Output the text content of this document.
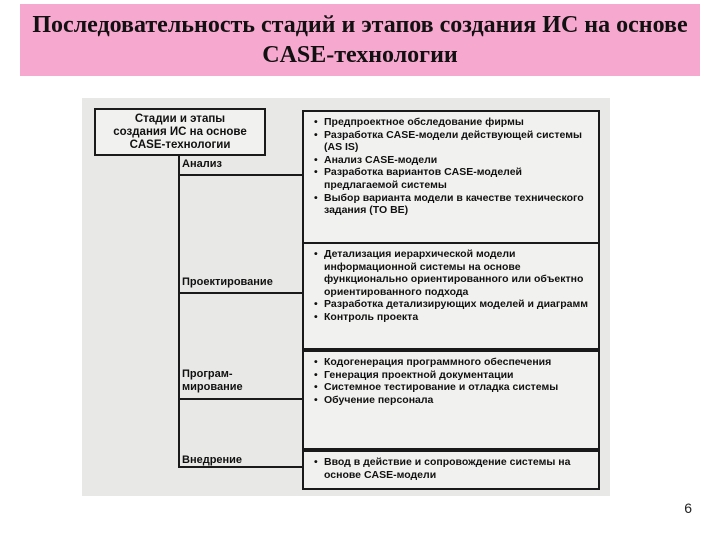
Последовательность стадий и этапов создания ИС на основе CASE-технологии
Стадии и этапы
создания ИС на основе
CASE-технологии
Анализ
• Предпроектное обследование фирмы
• Разработка CASE-модели действующей системы (AS IS)
• Анализ CASE-модели
• Разработка вариантов CASE-моделей предлагаемой системы
• Выбор варианта модели в качестве технического задания (TO BE)
Проектирование
• Детализация иерархической модели информационной системы на основе функционально ориентированного или объектно ориентированного подхода
• Разработка детализирующих моделей и диаграмм
• Контроль проекта
Програм-
мирование
• Кодогенерация программного обеспечения
• Генерация проектной документации
• Системное тестирование и отладка системы
• Обучение персонала
Внедрение
•	Ввод в действие и сопровождение системы на основе CASE-модели
6
